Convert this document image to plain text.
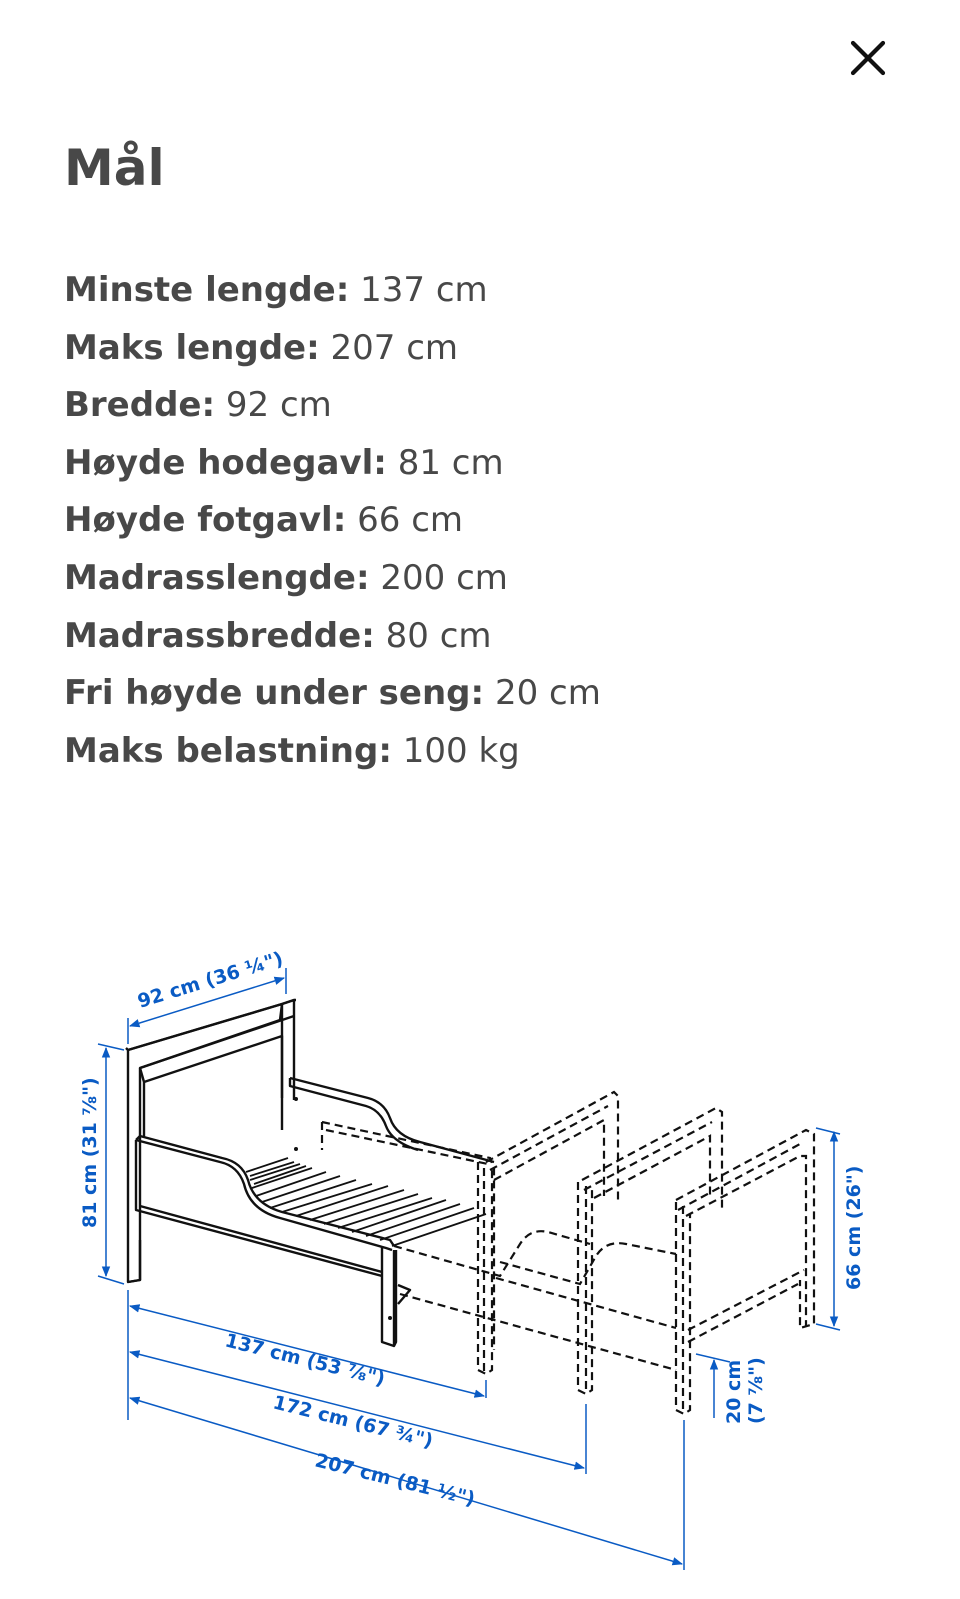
Mål
Minste lengde: 137 cm
Maks lengde: 207 cm
Bredde: 92 cm
Høyde hodegavl: 81 cm
Høyde fotgavl: 66 cm
Madrasslengde: 200 cm
Madrassbredde: 80 cm
Fri høyde under seng: 20 cm
Maks belastning: 100 kg
92 cm (36 ¼")
81 cm (31 ⅞")	66 cm (26")
20 cm (7 ⅞")
137 cm (53 ⅞")
172 cm (67 ¾")
207 cm (81 ½")
